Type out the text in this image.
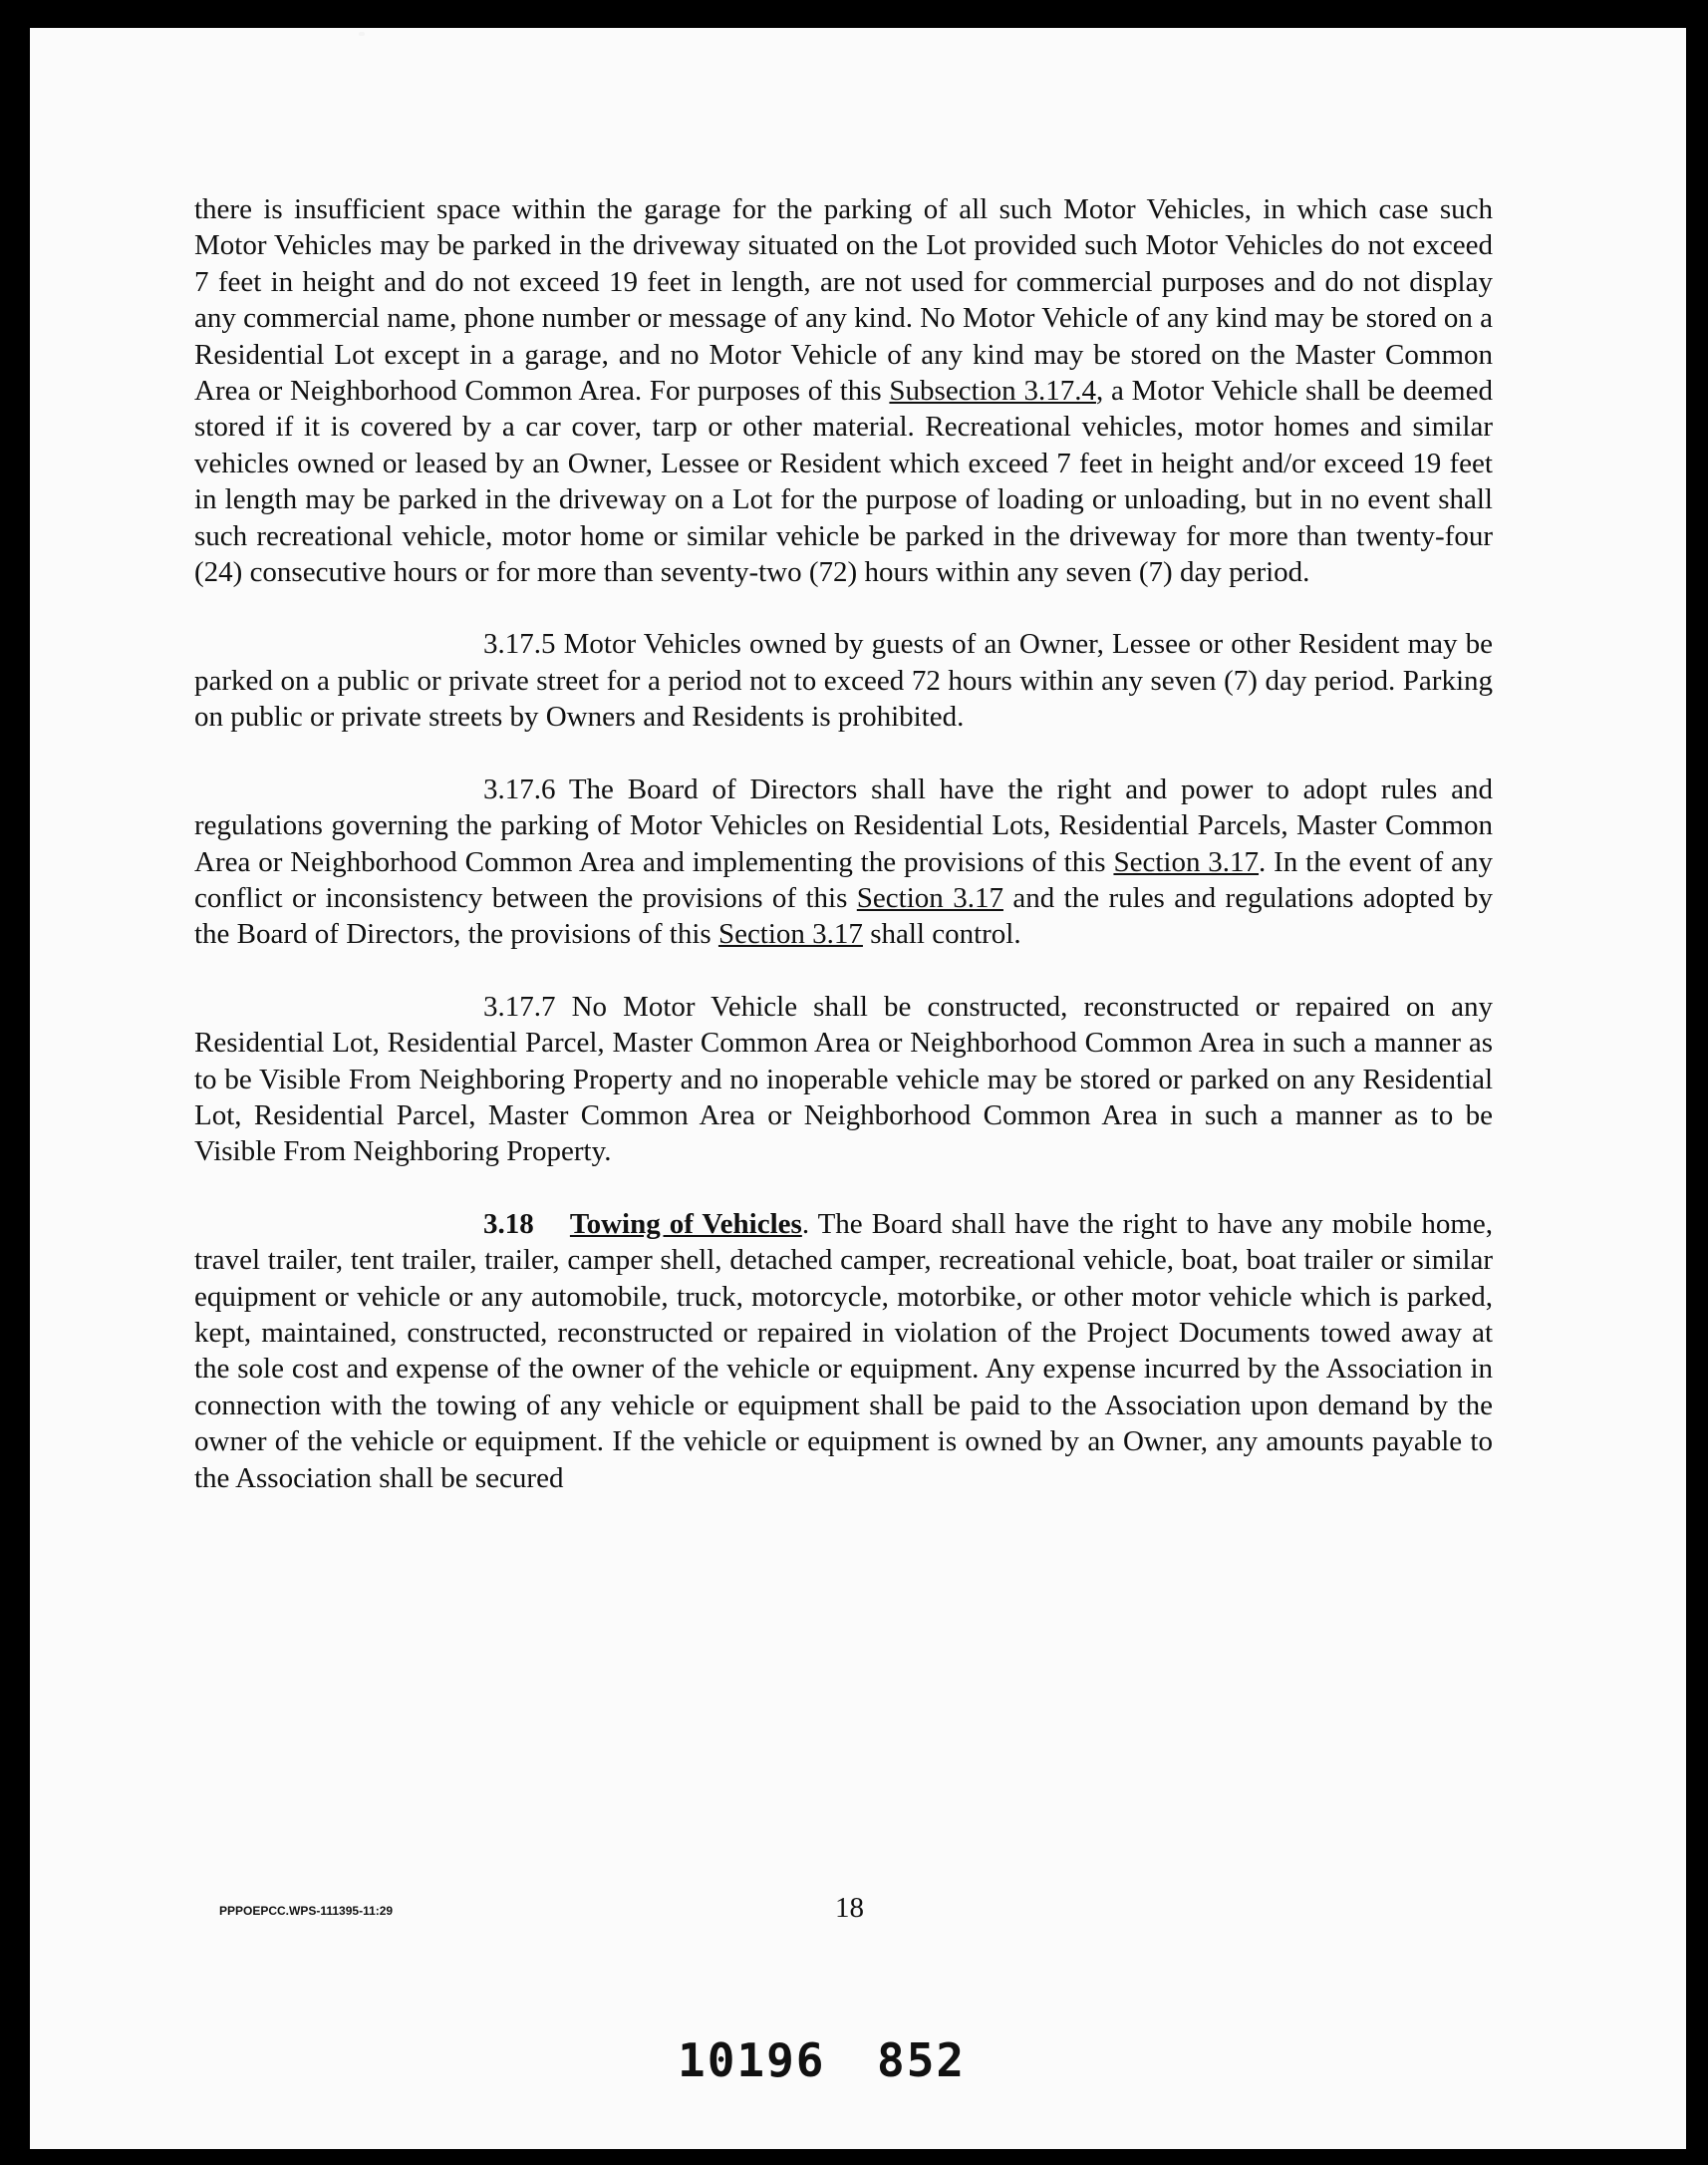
there is insufficient space within the garage for the parking of all such Motor Vehicles, in which case such Motor Vehicles may be parked in the driveway situated on the Lot provided such Motor Vehicles do not exceed 7 feet in height and do not exceed 19 feet in length, are not used for commercial purposes and do not display any commercial name, phone number or message of any kind. No Motor Vehicle of any kind may be stored on a Residential Lot except in a garage, and no Motor Vehicle of any kind may be stored on the Master Common Area or Neighborhood Common Area. For purposes of this Subsection 3.17.4, a Motor Vehicle shall be deemed stored if it is covered by a car cover, tarp or other material. Recreational vehicles, motor homes and similar vehicles owned or leased by an Owner, Lessee or Resident which exceed 7 feet in height and/or exceed 19 feet in length may be parked in the driveway on a Lot for the purpose of loading or unloading, but in no event shall such recreational vehicle, motor home or similar vehicle be parked in the driveway for more than twenty-four (24) consecutive hours or for more than seventy-two (72) hours within any seven (7) day period.

3.17.5 Motor Vehicles owned by guests of an Owner, Lessee or other Resident may be parked on a public or private street for a period not to exceed 72 hours within any seven (7) day period. Parking on public or private streets by Owners and Residents is prohibited.

3.17.6 The Board of Directors shall have the right and power to adopt rules and regulations governing the parking of Motor Vehicles on Residential Lots, Residential Parcels, Master Common Area or Neighborhood Common Area and implementing the provisions of this Section 3.17. In the event of any conflict or inconsistency between the provisions of this Section 3.17 and the rules and regulations adopted by the Board of Directors, the provisions of this Section 3.17 shall control.

3.17.7 No Motor Vehicle shall be constructed, reconstructed or repaired on any Residential Lot, Residential Parcel, Master Common Area or Neighborhood Common Area in such a manner as to be Visible From Neighboring Property and no inoperable vehicle may be stored or parked on any Residential Lot, Residential Parcel, Master Common Area or Neighborhood Common Area in such a manner as to be Visible From Neighboring Property.

3.18 Towing of Vehicles. The Board shall have the right to have any mobile home, travel trailer, tent trailer, trailer, camper shell, detached camper, recreational vehicle, boat, boat trailer or similar equipment or vehicle or any automobile, truck, motorcycle, motorbike, or other motor vehicle which is parked, kept, maintained, constructed, reconstructed or repaired in violation of the Project Documents towed away at the sole cost and expense of the owner of the vehicle or equipment. Any expense incurred by the Association in connection with the towing of any vehicle or equipment shall be paid to the Association upon demand by the owner of the vehicle or equipment. If the vehicle or equipment is owned by an Owner, any amounts payable to the Association shall be secured

PPPOEPCC.WPS-111395-11:29	18
10196 852
